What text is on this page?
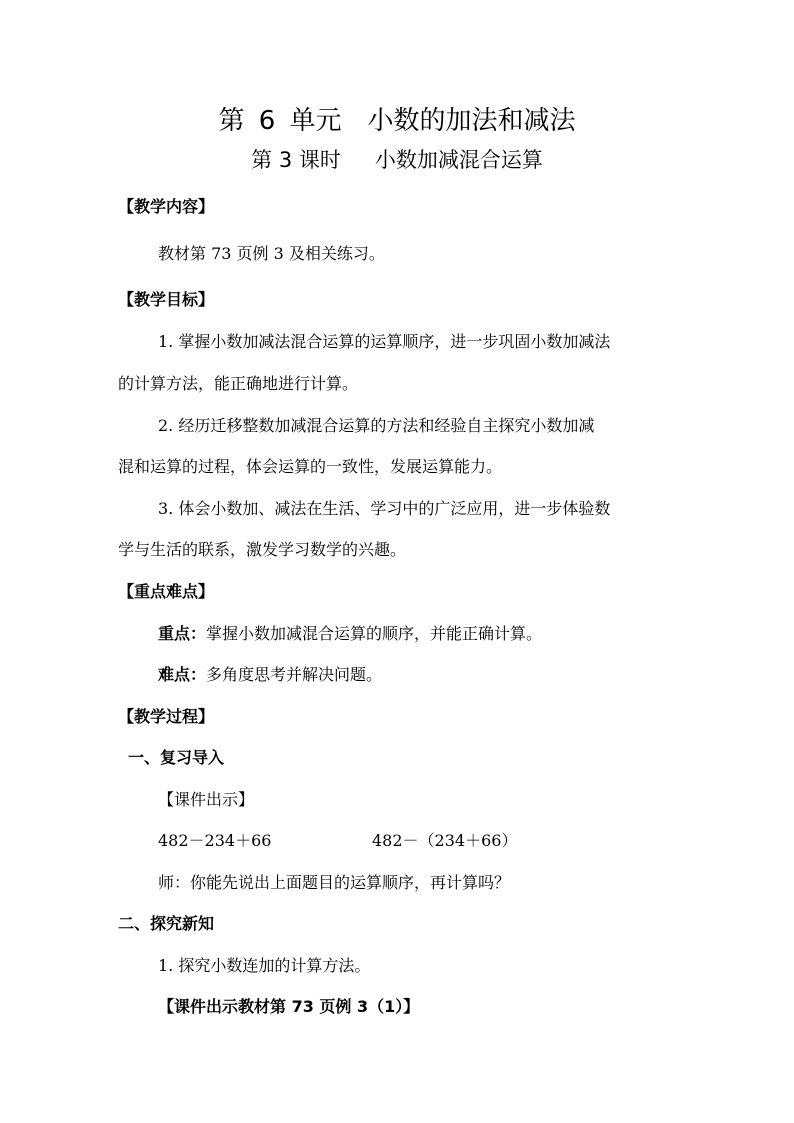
第 6 单元　小数的加法和减法
第 3 课时 小数加减混合运算
【教学内容】
教材第 73 页例 3 及相关练习。
【教学目标】
1. 掌握小数加减法混合运算的运算顺序，进一步巩固小数加减法
的计算方法，能正确地进行计算。
2. 经历迁移整数加减混合运算的方法和经验自主探究小数加减
混和运算的过程，体会运算的一致性，发展运算能力。
3. 体会小数加、减法在生活、学习中的广泛应用，进一步体验数
学与生活的联系，激发学习数学的兴趣。
【重点难点】
重点：掌握小数加减混合运算的顺序，并能正确计算。
难点：多角度思考并解决问题。
【教学过程】
一、复习导入
【课件出示】
482－234＋66	482－（234＋66）
师：你能先说出上面题目的运算顺序，再计算吗？
二、探究新知
1. 探究小数连加的计算方法。
【课件出示教材第 73 页例 3（1）】
